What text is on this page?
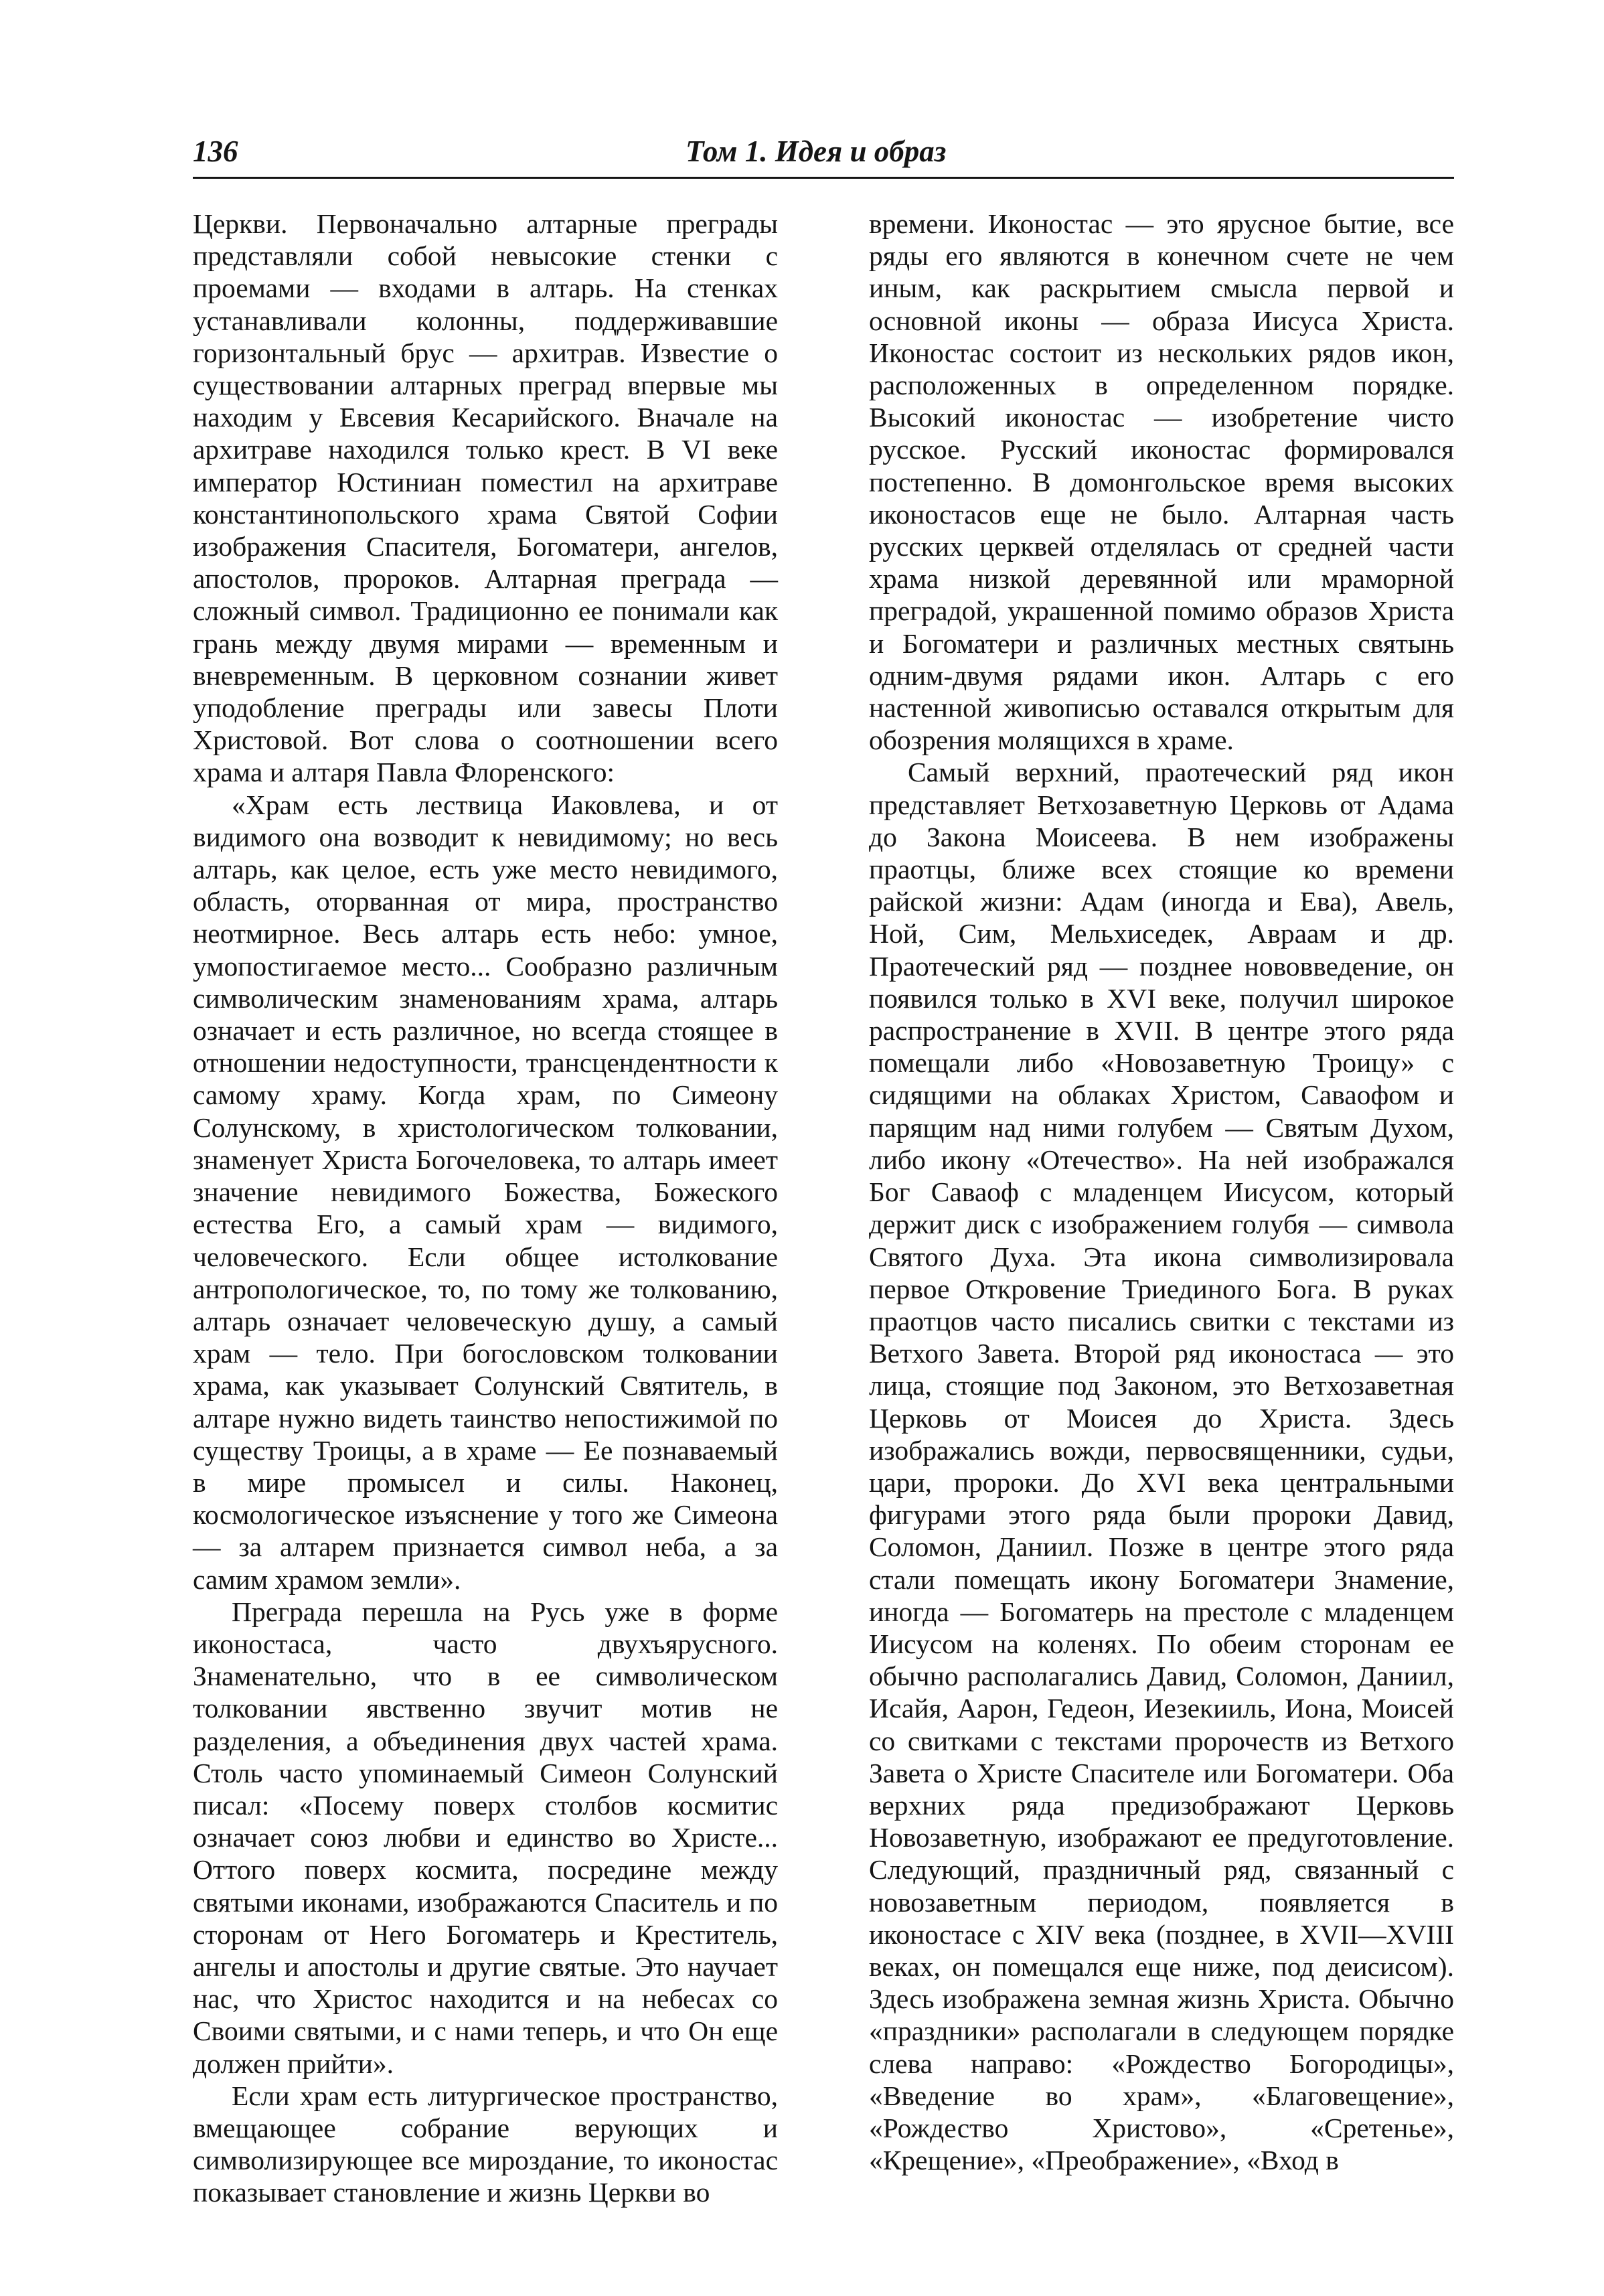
136	Том 1. Идея и образ

Церкви. Первоначально алтарные преграды представляли собой невысокие стенки с проемами — входами в алтарь. На стенках устанавливали колонны, поддерживавшие горизонтальный брус — архитрав. Известие о существовании алтарных преград впервые мы находим у Евсевия Кесарийского. Вначале на архитраве находился только крест. В VI веке император Юстиниан поместил на архитраве константинопольского храма Святой Софии изображения Спасителя, Богоматери, ангелов, апостолов, пророков. Алтарная преграда — сложный символ. Традиционно ее понимали как грань между двумя мирами — временным и вневременным. В церковном сознании живет уподобление преграды или завесы Плоти Христовой. Вот слова о соотношении всего храма и алтаря Павла Флоренского:

«Храм есть лествица Иаковлева, и от видимого она возводит к невидимому; но весь алтарь, как целое, есть уже место невидимого, область, оторванная от мира, пространство неотмирное. Весь алтарь есть небо: умное, умопостигаемое место... Сообразно различным символическим знаменованиям храма, алтарь означает и есть различное, но всегда стоящее в отношении недоступности, трансцендентности к самому храму. Когда храм, по Симеону Солунскому, в христологическом толковании, знаменует Христа Богочеловека, то алтарь имеет значение невидимого Божества, Божеского естества Его, а самый храм — видимого, человеческого. Если общее истолкование антропологическое, то, по тому же толкованию, алтарь означает человеческую душу, а самый храм — тело. При богословском толковании храма, как указывает Солунский Святитель, в алтаре нужно видеть таинство непостижимой по существу Троицы, а в храме — Ее познаваемый в мире промысел и силы. Наконец, космологическое изъяснение у того же Симеона — за алтарем признается символ неба, а за самим храмом земли».

Преграда перешла на Русь уже в форме иконостаса, часто двухъярусного. Знаменательно, что в ее символическом толковании явственно звучит мотив не разделения, а объединения двух частей храма. Столь часто упоминаемый Симеон Солунский писал: «Посему поверх столбов космитис означает союз любви и единство во Христе... Оттого поверх космита, посредине между святыми иконами, изображаются Спаситель и по сторонам от Него Богоматерь и Креститель, ангелы и апостолы и другие святые. Это научает нас, что Христос находится и на небесах со Своими святыми, и с нами теперь, и что Он еще должен прийти».

Если храм есть литургическое пространство, вмещающее собрание верующих и символизирующее все мироздание, то иконостас показывает становление и жизнь Церкви во

времени. Иконостас — это ярусное бытие, все ряды его являются в конечном счете не чем иным, как раскрытием смысла первой и основной иконы — образа Иисуса Христа. Иконостас состоит из нескольких рядов икон, расположенных в определенном порядке. Высокий иконостас — изобретение чисто русское. Русский иконостас формировался постепенно. В домонгольское время высоких иконостасов еще не было. Алтарная часть русских церквей отделялась от средней части храма низкой деревянной или мраморной преградой, украшенной помимо образов Христа и Богоматери и различных местных святынь одним-двумя рядами икон. Алтарь с его настенной живописью оставался открытым для обозрения молящихся в храме.

Самый верхний, праотеческий ряд икон представляет Ветхозаветную Церковь от Адама до Закона Моисеева. В нем изображены праотцы, ближе всех стоящие ко времени райской жизни: Адам (иногда и Ева), Авель, Ной, Сим, Мельхиседек, Авраам и др. Праотеческий ряд — позднее нововведение, он появился только в XVI веке, получил широкое распространение в XVII. В центре этого ряда помещали либо «Новозаветную Троицу» с сидящими на облаках Христом, Саваофом и парящим над ними голубем — Святым Духом, либо икону «Отечество». На ней изображался Бог Саваоф с младенцем Иисусом, который держит диск с изображением голубя — символа Святого Духа. Эта икона символизировала первое Откровение Триединого Бога. В руках праотцов часто писались свитки с текстами из Ветхого Завета. Второй ряд иконостаса — это лица, стоящие под Законом, это Ветхозаветная Церковь от Моисея до Христа. Здесь изображались вожди, первосвященники, судьи, цари, пророки. До XVI века центральными фигурами этого ряда были пророки Давид, Соломон, Даниил. Позже в центре этого ряда стали помещать икону Богоматери Знамение, иногда — Богоматерь на престоле с младенцем Иисусом на коленях. По обеим сторонам ее обычно располагались Давид, Соломон, Даниил, Исайя, Аарон, Гедеон, Иезекииль, Иона, Моисей со свитками с текстами пророчеств из Ветхого Завета о Христе Спасителе или Богоматери. Оба верхних ряда предизображают Церковь Новозаветную, изображают ее предуготовление. Следующий, праздничный ряд, связанный с новозаветным периодом, появляется в иконостасе с XIV века (позднее, в XVII—XVIII веках, он помещался еще ниже, под деисисом). Здесь изображена земная жизнь Христа. Обычно «праздники» располагали в следующем порядке слева направо: «Рождество Богородицы», «Введение во храм», «Благовещение», «Рождество Христово», «Сретенье», «Крещение», «Преображение», «Вход в
